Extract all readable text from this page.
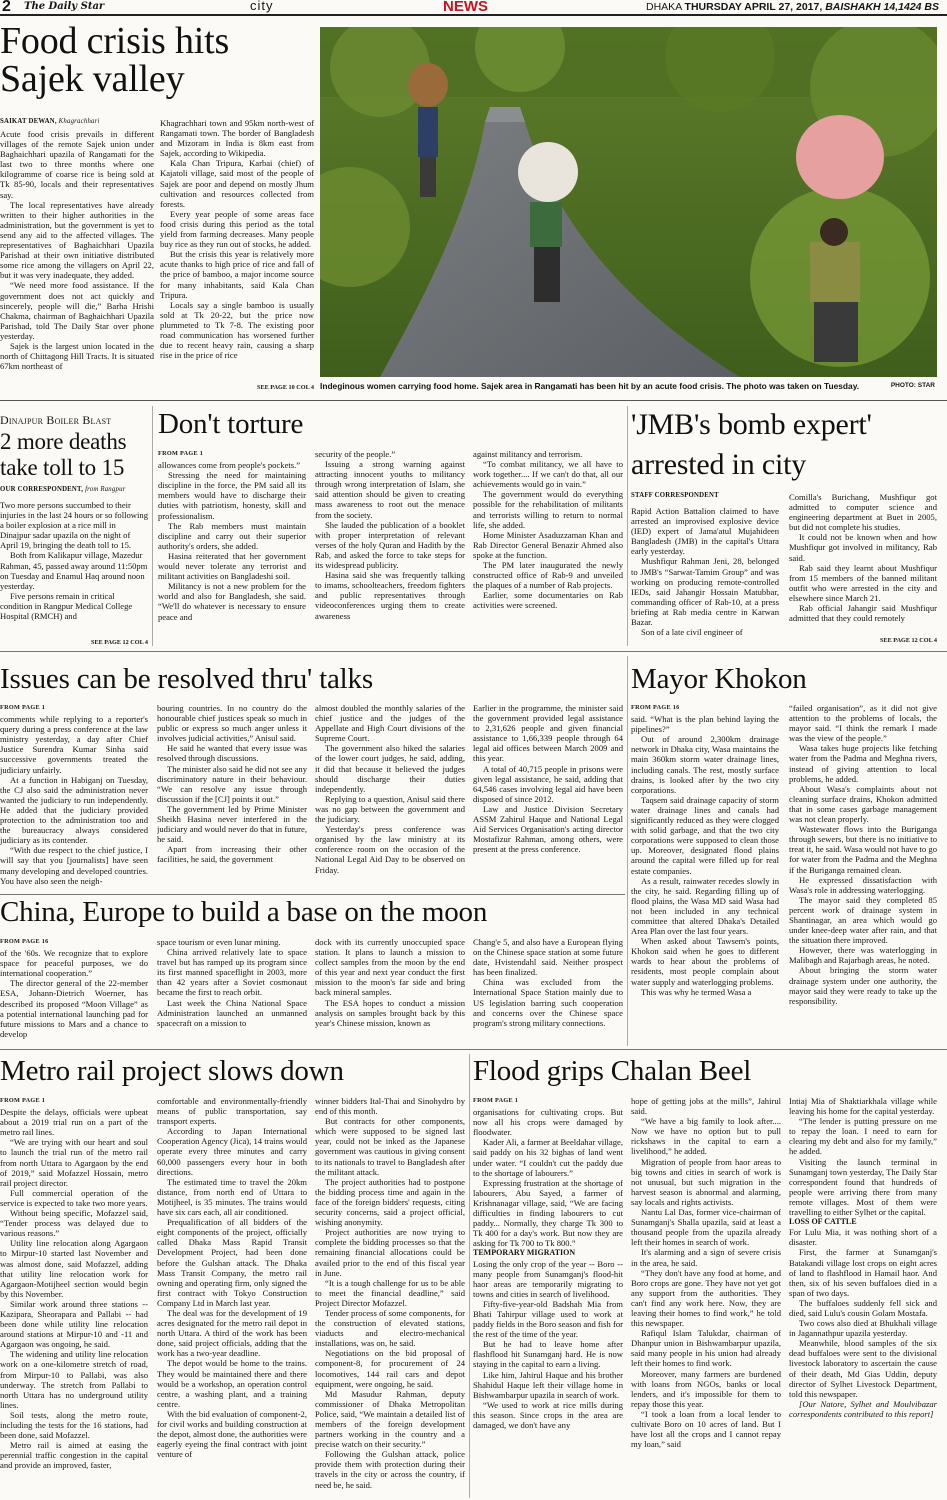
2 The Daily Star	city	NEWS	DHAKA THURSDAY APRIL 27, 2017, BAISHAKH 14,1424 BS
Food crisis hits Sajek valley
SAIKAT DEWAN, Khagrachhari

Acute food crisis prevails in different villages of the remote Sajek union under Baghaichhari upazila of Rangamati for the last two to three months where one kilogramme of coarse rice is being sold at Tk 85-90, locals and their representatives say.

The local representatives have already written to their higher authorities in the administration, but the government is yet to send any aid to the affected villages. The representatives of Baghaichhari Upazila Parishad at their own initiative distributed some rice among the villagers on April 22, but it was very inadequate, they added.

“We need more food assistance. If the government does not act quickly and sincerely, people will die,” Barha Hrishi Chakma, chairman of Baghaichhari Upazila Parishad, told The Daily Star over phone yesterday.

Sajek is the largest union located in the north of Chittagong Hill Tracts. It is situated 67km northeast of

Khagrachhari town and 95km north-west of Rangamati town. The border of Bangladesh and Mizoram in India is 8km east from Sajek, according to Wikipedia.

Kala Chan Tripura, Karbai (chief) of Kajatoli village, said most of the people of Sajek are poor and depend on mostly Jhum cultivation and resources collected from forests.

Every year people of some areas face food crisis during this period as the total yield from farming decreases. Many people buy rice as they run out of stocks, he added.

But the crisis this year is relatively more acute thanks to high price of rice and fall of the price of bamboo, a major income source for many inhabitants, said Kala Chan Tripura.

Locals say a single bamboo is usually sold at Tk 20-22, but the price now plummeted to Tk 7-8. The existing poor road communication has worsened further due to recent heavy rain, causing a sharp rise in the price of rice

SEE PAGE 10 COL 4 Indeginous women carrying food home. Sajek area in Rangamati has been hit by an acute food crisis. The photo was taken on Tuesday.	PHOTO: STAR
Dinajpur Boiler Blast
2 more deaths
take toll to 15
OUR CORRESPONDENT, from Rangpur

Two more persons succumbed to their injuries in the last 24 hours or so following a boiler explosion at a rice mill in Dinajpur sadar upazila on the night of April 19, bringing the death toll to 15.

Both from Kalikapur village, Mazedur Rahman, 45, passed away around 11:50pm on Tuesday and Enamul Haq around noon yesterday.

Five persons remain in critical condition in Rangpur Medical College Hospital (RMCH) and

SEE PAGE 12 COL 4
Don't torture
FROM PAGE 1

allowances come from people's pockets.”

Stressing the need for maintaining discipline in the force, the PM said all its members would have to discharge their duties with patriotism, honesty, skill and professionalism.

The Rab members must maintain discipline and carry out their superior authority's orders, she added.

Hasina reiterated that her government would never tolerate any terrorist and militant activities on Bangladeshi soil.

Militancy is not a new problem for the world and also for Bangladesh, she said. “We'll do whatever is necessary to ensure peace and

security of the people.”

Issuing a strong warning against attracting innocent youths to militancy through wrong interpretation of Islam, she said attention should be given to creating mass awareness to root out the menace from the society.

She lauded the publication of a booklet with proper interpretation of relevant verses of the holy Quran and Hadith by the Rab, and asked the force to take steps for its widespread publicity.

Hasina said she was frequently talking to imams, schoolteachers, freedom fighters and public representatives through videoconferences urging them to create awareness

against militancy and terrorism.

“To combat militancy, we all have to work together.... If we can't do that, all our achievements would go in vain.”

The government would do everything possible for the rehabilitation of militants and terrorists willing to return to normal life, she added.

Home Minister Asaduzzaman Khan and Rab Director General Benazir Ahmed also spoke at the function.

The PM later inaugurated the newly constructed office of Rab-9 and unveiled the plaques of a number of Rab projects.

Earlier, some documentaries on Rab activities were screened.

'JMB's bomb expert'
arrested in city
STAFF CORRESPONDENT

Rapid Action Battalion claimed to have arrested an improvised explosive device (IED) expert of Jama'atul Mujahideen Bangladesh (JMB) in the capital's Uttara early yesterday.

Mushfiqur Rahman Jeni, 28, belonged to JMB's “Sarwat-Tamim Group” and was working on producing remote-controlled IEDs, said Jahangir Hossain Matubbar, commanding officer of Rab-10, at a press briefing at Rab media centre in Karwan Bazar.

Son of a late civil engineer of

Comilla's Burichang, Mushfiqur got admitted to computer science and engineering department at Buet in 2005, but did not complete his studies.

It could not be known when and how Mushfiqur got involved in militancy, Rab said.

Rab said they learnt about Mushfiqur from 15 members of the banned militant outfit who were arrested in the city and elsewhere since March 21.

Rab official Jahangir said Mushfiqur admitted that they could remotely

SEE PAGE 12 COL 4
Issues can be resolved thru' talks
FROM PAGE 1

comments while replying to a reporter's query during a press conference at the law ministry yesterday, a day after Chief Justice Surendra Kumar Sinha said successive governments treated the judiciary unfairly.

At a function in Habiganj on Tuesday, the CJ also said the administration never wanted the judiciary to run independently. He added that the judiciary provided protection to the administration too and the bureaucracy always considered judiciary as its contender.

“With due respect to the chief justice, I will say that you [journalists] have seen many developing and developed countries. You have also seen the neigh-

bouring countries. In no country do the honourable chief justices speak so much in public or express so much anger unless it involves judicial activities,” Anisul said.

He said he wanted that every issue was resolved through discussions.

The minister also said he did not see any discriminatory nature in their behaviour. “We can resolve any issue through discussion if the [CJ] points it out.”

The government led by Prime Minister Sheikh Hasina never interfered in the judiciary and would never do that in future, he said.

Apart from increasing their other facilities, he said, the government

almost doubled the monthly salaries of the chief justice and the judges of the Appellate and High Court divisions of the Supreme Court.

The government also hiked the salaries of the lower court judges, he said, adding, it did that because it believed the judges should discharge their duties independently.

Replying to a question, Anisul said there was no gap between the government and the judiciary.

Yesterday's press conference was organised by the law ministry at its conference room on the occasion of the National Legal Aid Day to be observed on Friday.

Earlier in the programme, the minister said the government provided legal assistance to 2,31,626 people and given financial assistance to 1,66,339 people through 64 legal aid offices between March 2009 and this year.

A total of 40,715 people in prisons were given legal assistance, he said, adding that 64,546 cases involving legal aid have been disposed of since 2012.

Law and Justice Division Secretary ASSM Zahirul Haque and National Legal Aid Services Organisation's acting director Mostafizur Rahman, among others, were present at the press conference.

Mayor Khokon
FROM PAGE 16

said. “What is the plan behind laying the pipelines?”

Out of around 2,300km drainage network in Dhaka city, Wasa maintains the main 360km storm water drainage lines, including canals. The rest, mostly surface drains, is looked after by the two city corporations.

Taqsem said drainage capacity of storm water drainage lines and canals had significantly reduced as they were clogged with solid garbage, and that the two city corporations were supposed to clean those up. Moreover, designated flood plains around the capital were filled up for real estate companies.

As a result, rainwater recedes slowly in the city, he said. Regarding filling up of flood plains, the Wasa MD said Wasa had not been included in any technical committee that altered Dhaka's Detailed Area Plan over the last four years.

When asked about Tawsem's points, Khokon said when he goes to different wards to hear about the problems of residents, most people complain about water supply and waterlogging problems.

This was why he termed Wasa a

“failed organisation”, as it did not give attention to the problems of locals, the mayor said. “I think the remark I made was the view of the people.”

Wasa takes huge projects like fetching water from the Padma and Meghna rivers, instead of giving attention to local problems, he added.

About Wasa's complaints about not cleaning surface drains, Khokon admitted that in some cases garbage management was not clean properly.

Wastewater flows into the Buriganga through sewers, but there is no initiative to treat it, he said. Wasa would not have to go for water from the Padma and the Meghna if the Buriganga remained clean.

He expressed dissatisfaction with Wasa's role in addressing waterlogging.

The mayor said they completed 85 percent work of drainage system in Shantinagar, an area which would go under knee-deep water after rain, and that the situation there improved.

However, there was waterlogging in Malibagh and Rajarbagh areas, he noted.

About bringing the storm water drainage system under one authority, the mayor said they were ready to take up the responsibility.

China, Europe to build a base on the moon
FROM PAGE 16

of the '60s. We recognize that to explore space for peaceful purposes, we do international cooperation.”

The director general of the 22-member ESA, Johann-Dietrich Woerner, has described its proposed “Moon Village” as a potential international launching pad for future missions to Mars and a chance to develop

space tourism or even lunar mining.

China arrived relatively late to space travel but has ramped up its program since its first manned spaceflight in 2003, more than 42 years after a Soviet cosmonaut became the first to reach orbit.

Last week the China National Space Administration launched an unmanned spacecraft on a mission to

dock with its currently unoccupied space station. It plans to launch a mission to collect samples from the moon by the end of this year and next year conduct the first mission to the moon's far side and bring back mineral samples.

The ESA hopes to conduct a mission analysis on samples brought back by this year's Chinese mission, known as

Chang'e 5, and also have a European flying on the Chinese space station at some future date, Hvistendahl said. Neither prospect has been finalized.

China was excluded from the International Space Station mainly due to US legislation barring such cooperation and concerns over the Chinese space program's strong military connections.

Metro rail project slows down
FROM PAGE 1

Despite the delays, officials were upbeat about a 2019 trial run on a part of the metro rail lines.

“We are trying with our heart and soul to launch the trial run of the metro rail from north Uttara to Agargaon by the end of 2019,” said Mofazzel Hossain, metro rail project director.

Full commercial operation of the service is expected to take two more years.

Without being specific, Mofazzel said, “Tender process was delayed due to various reasons.”

Utility line relocation along Agargaon to Mirpur-10 started last November and was almost done, said Mofazzel, adding that utility line relocation work for Agargaon-Motijheel section would begin by this November.

Similar work around three stations -- Kazipara, Sheorapara and Pallabi -- had been done while utility line relocation around stations at Mirpur-10 and -11 and Agargaon was ongoing, he said.

The widening and utility line relocation work on a one-kilometre stretch of road, from Mirpur-10 to Pallabi, was also underway. The stretch from Pallabi to north Uttara has no underground utility lines.

Soil tests, along the metro route, including the tests for the 16 stations, had been done, said Mofazzel.

Metro rail is aimed at easing the perennial traffic congestion in the capital and provide an improved, faster,

comfortable and environmentally-friendly means of public transportation, say transport experts.

According to Japan International Cooperation Agency (Jica), 14 trains would operate every three minutes and carry 60,000 passengers every hour in both directions.

The estimated time to travel the 20km distance, from north end of Uttara to Motijheel, is 35 minutes. The trains would have six cars each, all air conditioned.

Prequalification of all bidders of the eight components of the project, officially called Dhaka Mass Rapid Transit Development Project, had been done before the Gulshan attack. The Dhaka Mass Transit Company, the metro rail owning and operating firm, only signed the first contract with Tokyo Construction Company Ltd in March last year.

The deal was for the development of 19 acres designated for the metro rail depot in north Uttara. A third of the work has been done, said project officials, adding that the work has a two-year deadline.

The depot would be home to the trains. They would be maintained there and there would be a workshop, an operation control centre, a washing plant, and a training centre.

With the bid evaluation of component-2, for civil works and building construction at the depot, almost done, the authorities were eagerly eyeing the final contract with joint venture of

winner bidders Ital-Thai and Sinohydro by end of this month.

But contracts for other components, which were supposed to be signed last year, could not be inked as the Japanese government was cautious in giving consent to its nationals to travel to Bangladesh after the militant attack.

The project authorities had to postpone the bidding process time and again in the face of the foreign bidders' requests, citing security concerns, said a project official, wishing anonymity.

Project authorities are now trying to complete the bidding processes so that the remaining financial allocations could be availed prior to the end of this fiscal year in June.

“It is a tough challenge for us to be able to meet the financial deadline,” said Project Director Mofazzel.

Tender process of some components, for the construction of elevated stations, viaducts and electro-mechanical installations, was on, he said.

Negotiations on the bid proposal of component-8, for procurement of 24 locomotives, 144 rail cars and depot equipment, were ongoing, he said.

Md Masudur Rahman, deputy commissioner of Dhaka Metropolitan Police, said, “We maintain a detailed list of members of the foreign development partners working in the country and a precise watch on their security.”

Following the Gulshan attack, police provide them with protection during their travels in the city or across the country, if need be, he said.

Flood grips Chalan Beel
FROM PAGE 1

organisations for cultivating crops. But now all his crops were damaged by floodwater.

Kader Ali, a farmer at Beeldahar village, said paddy on his 32 bighas of land went under water. “I couldn't cut the paddy due to the shortage of labourers.”

Expressing frustration at the shortage of labourers, Abu Sayed, a farmer of Krishnanagar village, said, “We are facing difficulties in finding labourers to cut paddy... Normally, they charge Tk 300 to Tk 400 for a day's work. But now they are asking for Tk 700 to Tk 800.”

TEMPORARY MIGRATION

Losing the only crop of the year -- Boro -- many people from Sunamganj's flood-hit haor areas are temporarily migrating to towns and cities in search of livelihood.

Fifty-five-year-old Badshah Mia from Bhati Tahirpur village used to work at paddy fields in the Boro season and fish for the rest of the time of the year.

But he had to leave home after flashflood hit Sunamganj hard. He is now staying in the capital to earn a living.

Like him, Jahirul Haque and his brother Shahidul Haque left their village home in Bishwambarpur upazila in search of work.

“We used to work at rice mills during this season. Since crops in the area are damaged, we don't have any

hope of getting jobs at the mills”, Jahirul said.

“We have a big family to look after.... Now we have no option but to pull rickshaws in the capital to earn a livelihood,” he added.

Migration of people from haor areas to big towns and cities in search of work is not unusual, but such migration in the harvest season is abnormal and alarming, say locals and rights activists.

Nantu Lal Das, former vice-chairman of Sunamganj's Shalla upazila, said at least a thousand people from the upazila already left their homes in search of work.

It's alarming and a sign of severe crisis in the area, he said.

“They don't have any food at home, and Boro crops are gone. They have not yet got any support from the authorities. They can't find any work here. Now, they are leaving their homes to find work,” he told this newspaper.

Rafiqul Islam Talukdar, chairman of Dhanpur union in Bishwambarpur upazila, said many people in his union had already left their homes to find work.

Moreover, many farmers are burdened with loans from NGOs, banks or local lenders, and it's impossible for them to repay those this year.

“I took a loan from a local lender to cultivate Boro on 10 acres of land. But I have lost all the crops and I cannot repay my loan,” said

Intiaj Mia of Shaktiarkhala village while leaving his home for the capital yesterday.

“The lender is putting pressure on me to repay the loan. I need to earn for clearing my debt and also for my family,” he added.

Visiting the launch terminal in Sunamganj town yesterday, The Daily Star correspondent found that hundreds of people were arriving there from many remote villages. Most of them were travelling to either Sylhet or the capital.

LOSS OF CATTLE

For Lulu Mia, it was nothing short of a disaster.

First, the farmer at Sunamganj's Batakandi village lost crops on eight acres of land to flashflood in Hamail haor. And then, six of his seven buffaloes died in a span of two days.

The buffaloes suddenly fell sick and died, said Lulu's cousin Golam Mostafa.

Two cows also died at Bhukhali village in Jagannathpur upazila yesterday.

Meanwhile, blood samples of the six dead buffaloes were sent to the divisional livestock laboratory to ascertain the cause of their death, Md Gias Uddin, deputy director of Sylhet Livestock Department, told this newspaper.

[Our Natore, Sylhet and Moulvibazar correspondents contributed to this report]
